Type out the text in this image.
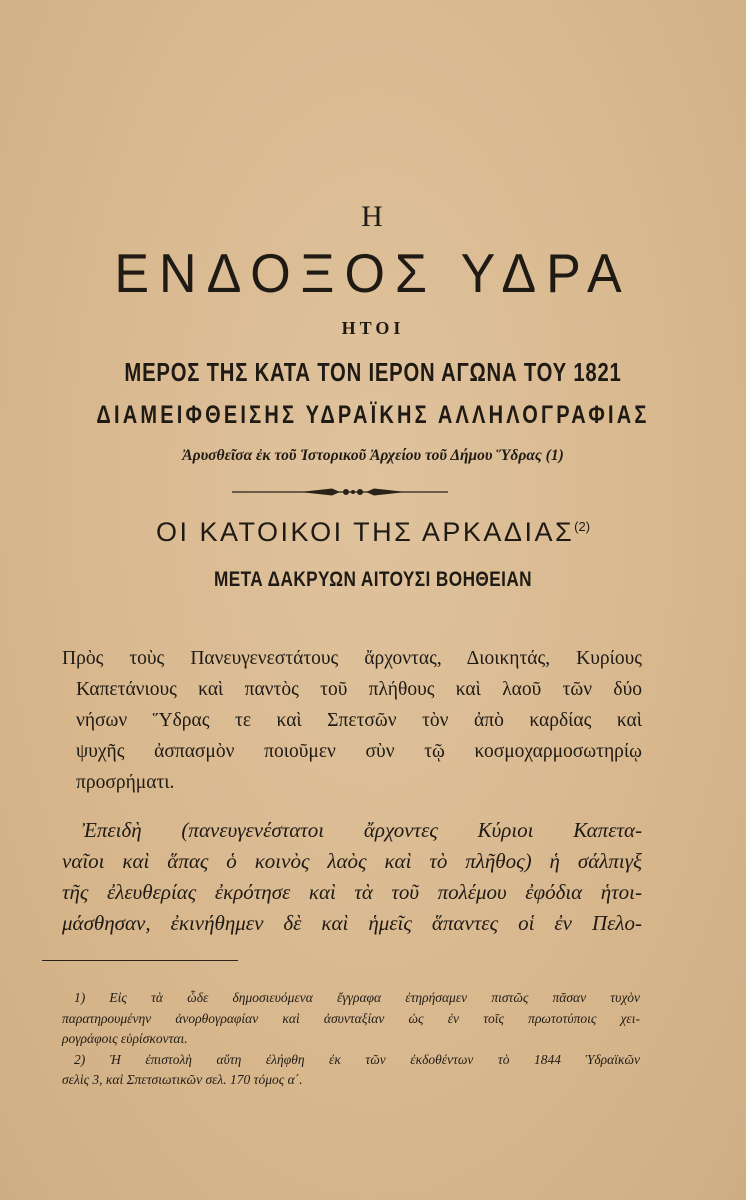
Η
ΕΝΔΟΞΟΣ ΥΔΡΑ
ΗΤΟΙ
ΜΕΡΟΣ ΤΗΣ ΚΑΤΑ ΤΟΝ ΙΕΡΟΝ ΑΓΩΝΑ ΤΟΥ 1821
ΔΙΑΜΕΙΦΘΕΙΣΗΣ ΥΔΡΑΪΚΗΣ ΑΛΛΗΛΟΓΡΑΦΙΑΣ
Ἀρυσθεῖσα ἐκ τοῦ Ἱστορικοῦ Ἀρχείου τοῦ Δήμου Ὕδρας (1)
ΟΙ ΚΑΤΟΙΚΟΙ ΤΗΣ ΑΡΚΑΔΙΑΣ$^{(2)}$
ΜΕΤΑ ΔΑΚΡΥΩΝ ΑΙΤΟΥΣΙ ΒΟΗΘΕΙΑΝ
Πρὸς τοὺς Πανευγενεστάτους ἄρχοντας, Διοικητάς, Κυρίους
Καπετάνιους καὶ παντὸς τοῦ πλήθους καὶ λαοῦ τῶν δύο
νήσων Ὕδρας τε καὶ Σπετσῶν τὸν ἀπὸ καρδίας καὶ
ψυχῆς ἀσπασμὸν ποιοῦμεν σὺν τῷ κοσμοχαρμοσωτηρίῳ
προσρήματι.
Ἐπειδὴ (πανευγενέστατοι ἄρχοντες Κύριοι Καπετα-
ναῖοι καὶ ἅπας ὁ κοινὸς λαὸς καὶ τὸ πλῆθος) ἡ σάλπιγξ
τῆς ἐλευθερίας ἐκρότησε καὶ τὰ τοῦ πολέμου ἐφόδια ἡτοι-
μάσθησαν, ἐκινήθημεν δὲ καὶ ἡμεῖς ἅπαντες οἱ ἐν Πελο-
1) Εἰς τὰ ὧδε δημοσιευόμενα ἔγγραφα ἐτηρήσαμεν πιστῶς πᾶσαν τυχὸν
παρατηρουμένην ἀνορθογραφίαν καὶ ἀσυνταξίαν ὡς ἐν τοῖς πρωτοτύποις χει-
ρογράφοις εὑρίσκονται.
2) Ἡ ἐπιστολὴ αὕτη ἐλήφθη ἐκ τῶν ἐκδοθέντων τὸ 1844 Ὑδραϊκῶν
σελὶς 3, καὶ Σπετσιωτικῶν σελ. 170 τόμος α΄.
